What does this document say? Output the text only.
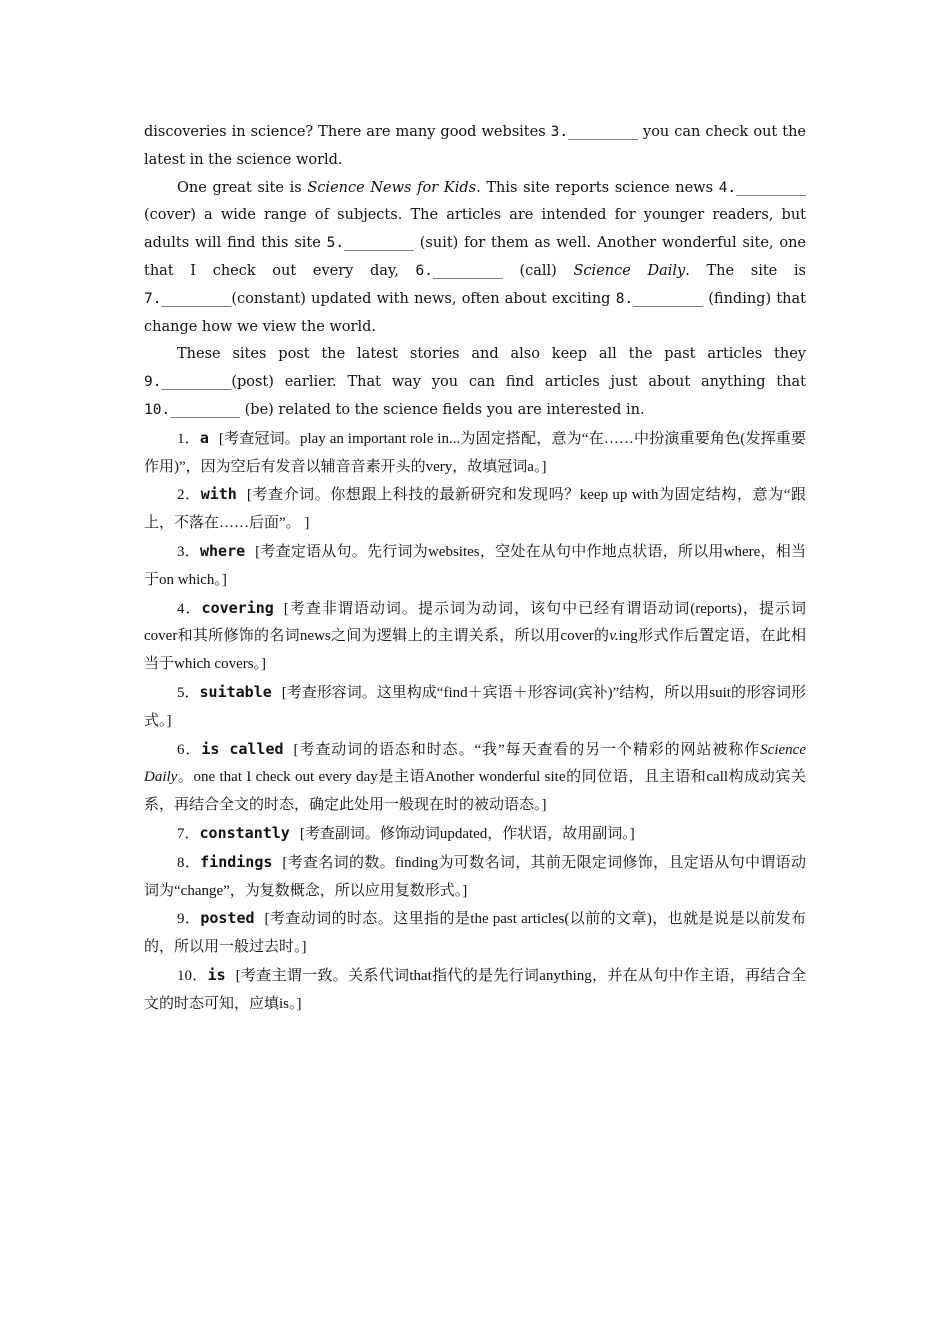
discoveries in science? There are many good websites 3.________ you can check out the latest in the science world.

One great site is Science News for Kids. This site reports science news 4.________ (cover) a wide range of subjects. The articles are intended for younger readers, but adults will find this site 5.________ (suit) for them as well. Another wonderful site, one that I check out every day, 6.________ (call) Science Daily. The site is 7.________(constant) updated with news, often about exciting 8.________ (finding) that change how we view the world.

These sites post the latest stories and also keep all the past articles they 9.________(post) earlier. That way you can find articles just about anything that 10.________ (be) related to the science fields you are interested in.

1．a [考查冠词。play an important role in...为固定搭配，意为“在……中扮演重要角色(发挥重要作用)”，因为空后有发音以辅音音素开头的very，故填冠词a。]

2．with [考查介词。你想跟上科技的最新研究和发现吗？keep up with为固定结构，意为“跟上，不落在……后面”。 ]

3．where [考查定语从句。先行词为websites，空处在从句中作地点状语，所以用where，相当于on which。]

4．covering [考查非谓语动词。提示词为动词，该句中已经有谓语动词(reports)，提示词cover和其所修饰的名词news之间为逻辑上的主谓关系，所以用cover的v.ing形式作后置定语，在此相当于which covers。]

5．suitable [考查形容词。这里构成“find＋宾语＋形容词(宾补)”结构，所以用suit的形容词形式。]

6．is called [考查动词的语态和时态。“我”每天查看的另一个精彩的网站被称作Science Daily。one that I check out every day是主语Another wonderful site的同位语，且主语和call构成动宾关系，再结合全文的时态，确定此处用一般现在时的被动语态。]

7．constantly [考查副词。修饰动词updated，作状语，故用副词。]

8．findings [考查名词的数。finding为可数名词，其前无限定词修饰，且定语从句中谓语动词为“change”，为复数概念，所以应用复数形式。]

9．posted [考查动词的时态。这里指的是the past articles(以前的文章)，也就是说是以前发布的，所以用一般过去时。]

10．is [考查主谓一致。关系代词that指代的是先行词anything，并在从句中作主语，再结合全文的时态可知，应填is。]
